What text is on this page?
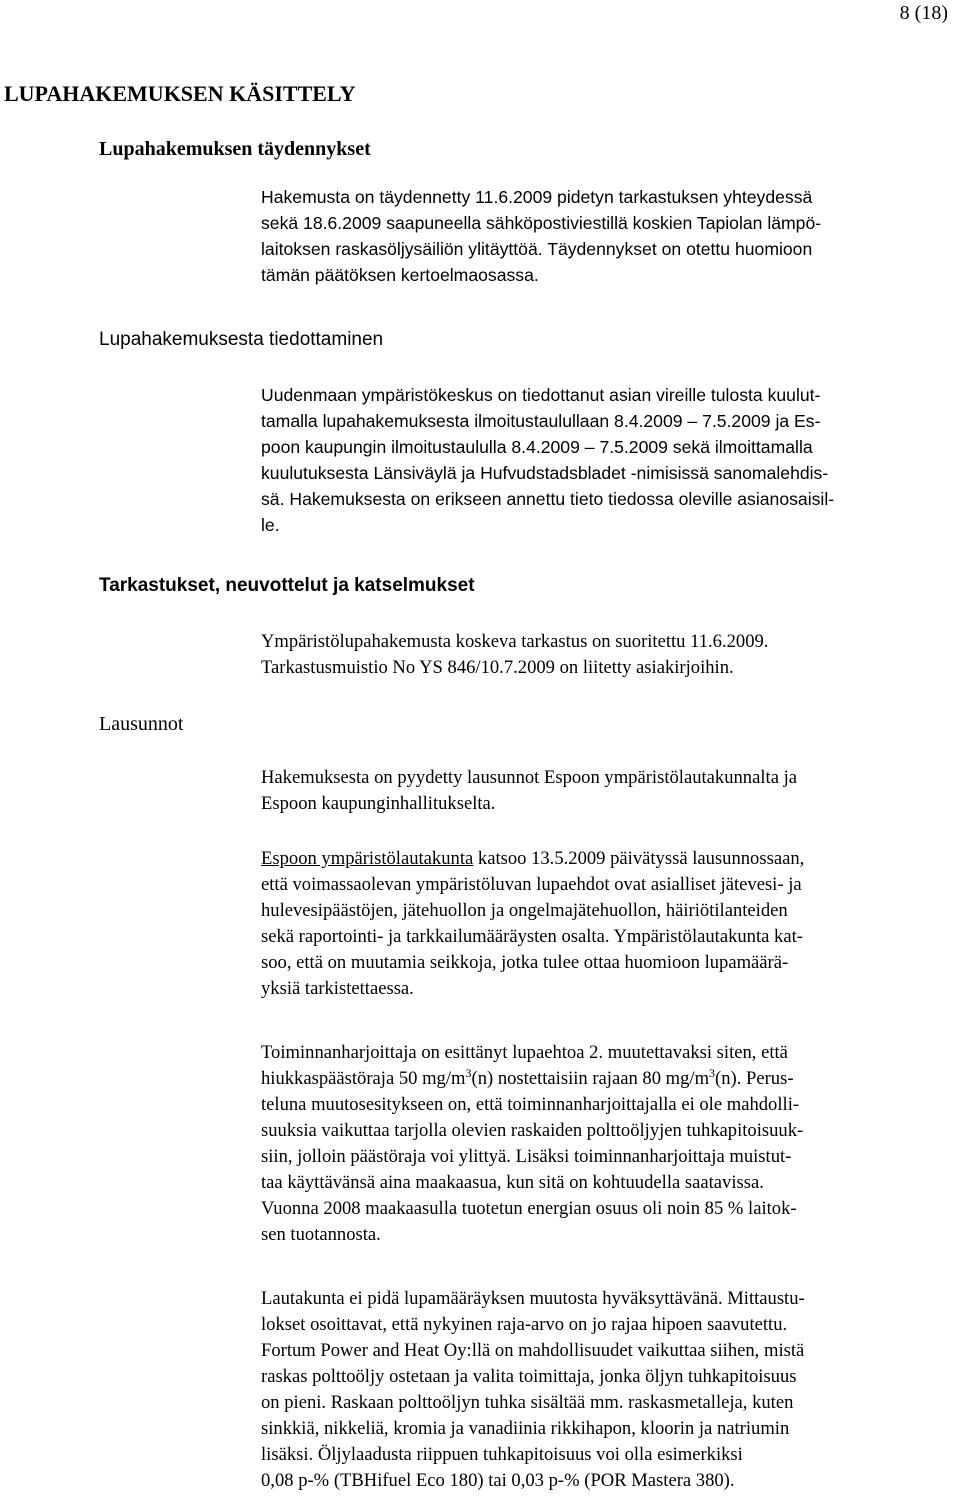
8 (18)
LUPAHAKEMUKSEN KÄSITTELY
Lupahakemuksen täydennykset
Hakemusta on täydennetty 11.6.2009 pidetyn tarkastuksen yhteydessä
sekä 18.6.2009 saapuneella sähköpostiviestillä koskien Tapiolan lämpö-
laitoksen raskasöljysäiliön ylitäyttöä. Täydennykset on otettu huomioon
tämän päätöksen kertoelmaosassa.
Lupahakemuksesta tiedottaminen
Uudenmaan ympäristökeskus on tiedottanut asian vireille tulosta kuulut-
tamalla lupahakemuksesta ilmoitustaulullaan 8.4.2009 – 7.5.2009 ja Es-
poon kaupungin ilmoitustaululla 8.4.2009 – 7.5.2009 sekä ilmoittamalla
kuulutuksesta Länsiväylä ja Hufvudstadsbladet -nimisissä sanomalehdis-
sä. Hakemuksesta on erikseen annettu tieto tiedossa oleville asianosaisil-
le.
Tarkastukset, neuvottelut ja katselmukset
Ympäristölupahakemusta koskeva tarkastus on suoritettu 11.6.2009.
Tarkastusmuistio No YS 846/10.7.2009 on liitetty asiakirjoihin.
Lausunnot
Hakemuksesta on pyydetty lausunnot Espoon ympäristölautakunnalta ja
Espoon kaupunginhallitukselta.
Espoon ympäristölautakunta katsoo 13.5.2009 päivätyssä lausunnossaan,
että voimassaolevan ympäristöluvan lupaehdot ovat asialliset jätevesi- ja
hulevesipäästöjen, jätehuollon ja ongelmajätehuollon, häiriötilanteiden
sekä raportointi- ja tarkkailumääräysten osalta. Ympäristölautakunta kat-
soo, että on muutamia seikkoja, jotka tulee ottaa huomioon lupamäärä-
yksiä tarkistettaessa.
Toiminnanharjoittaja on esittänyt lupaehtoa 2. muutettavaksi siten, että
hiukkaspäästöraja 50 $mg/m^3(n)$ nostettaisiin rajaan 80 $mg/m^3(n)$. Perus-
teluna muutosesitykseen on, että toiminnanharjoittajalla ei ole mahdolli-
suuksia vaikuttaa tarjolla olevien raskaiden polttoöljyjen tuhkapitoisuuk-
siin, jolloin päästöraja voi ylittyä. Lisäksi toiminnanharjoittaja muistut-
taa käyttävänsä aina maakaasua, kun sitä on kohtuudella saatavissa.
Vuonna 2008 maakaasulla tuotetun energian osuus oli noin 85 % laitok-
sen tuotannosta.
Lautakunta ei pidä lupamääräyksen muutosta hyväksyttävänä. Mittaustu-
lokset osoittavat, että nykyinen raja-arvo on jo rajaa hipoen saavutettu.
Fortum Power and Heat Oy:llä on mahdollisuudet vaikuttaa siihen, mistä
raskas polttoöljy ostetaan ja valita toimittaja, jonka öljyn tuhkapitoisuus
on pieni. Raskaan polttoöljyn tuhka sisältää mm. raskasmetalleja, kuten
sinkkiä, nikkeliä, kromia ja vanadiinia rikkihapon, kloorin ja natriumin
lisäksi. Öljylaadusta riippuen tuhkapitoisuus voi olla esimerkiksi
0,08 p-% (TBHifuel Eco 180) tai 0,03 p-% (POR Mastera 380).
